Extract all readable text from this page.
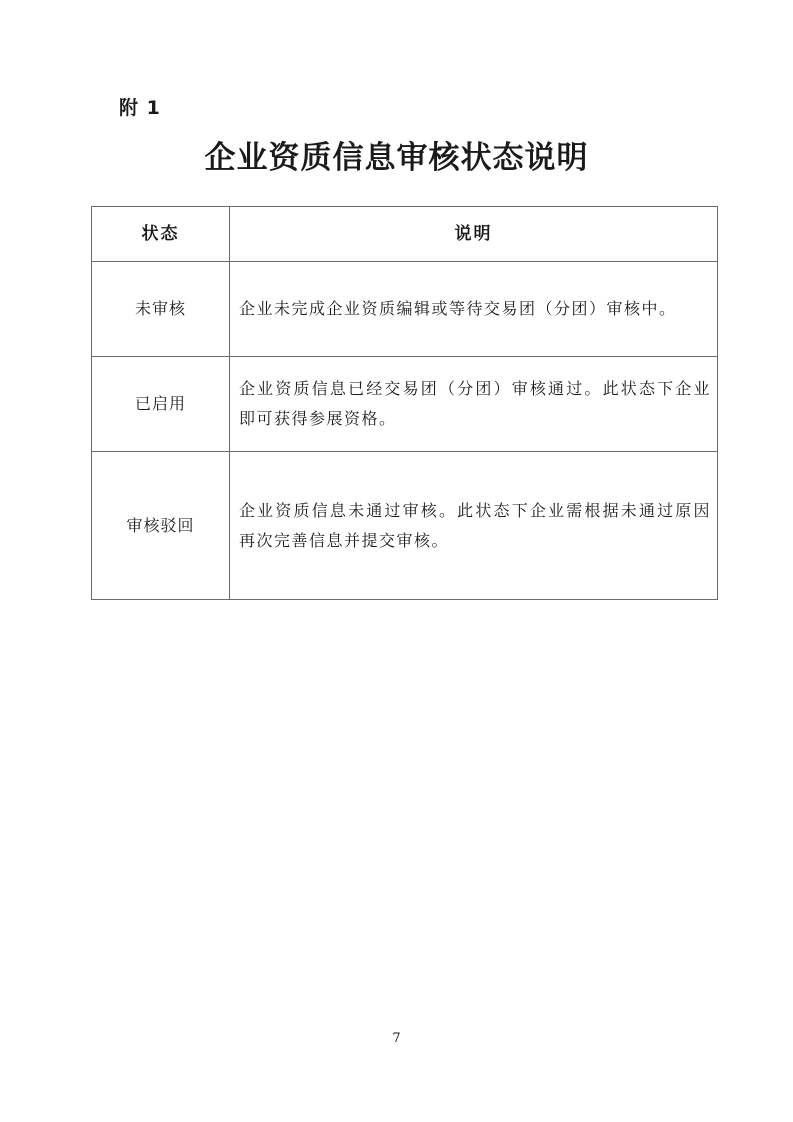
附 1
企业资质信息审核状态说明
状态	说明
未审核	企业未完成企业资质编辑或等待交易团（分团）审核中。
已启用	企业资质信息已经交易团（分团）审核通过。此状态下企业即可获得参展资格。
审核驳回	企业资质信息未通过审核。此状态下企业需根据未通过原因再次完善信息并提交审核。
7
